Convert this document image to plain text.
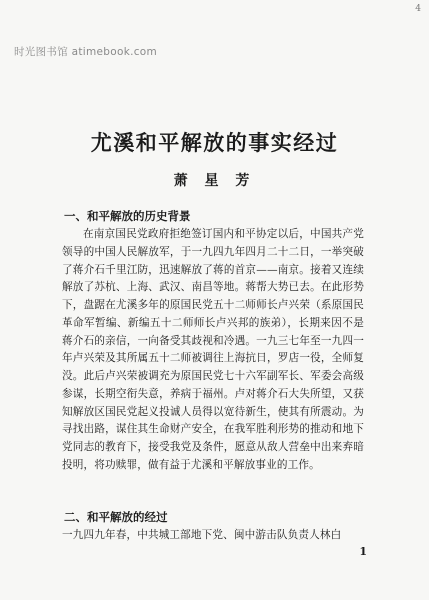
时光图书馆 atimebook.com
4
尤溪和平解放的事实经过
萧 星 芳
一、和平解放的历史背景
在南京国民党政府拒绝签订国内和平协定以后，中国共产党领导的中国人民解放军，于一九四九年四月二十二日，一举突破了蒋介石千里江防，迅速解放了蒋的首京——南京。接着又连续解放了苏杭、上海、武汉、南昌等地。蒋帮大势已去。在此形势下，盘踞在尤溪多年的原国民党五十二师师长卢兴荣（系原国民革命军暂编、新编五十二师师长卢兴邦的族弟），长期来因不是蒋介石的亲信，一向备受其歧视和冷遇。一九三七年至一九四一年卢兴荣及其所属五十二师被调往上海抗日，罗店一役，全师复没。此后卢兴荣被调充为原国民党七十六军副军长、军委会高级参谋，长期空衔失意，养病于福州。卢对蒋介石大失所望，又获知解放区国民党起义投诚人员得以宽待新生，使其有所震动。为寻找出路，谋住其生命财产安全，在我军胜利形势的推动和地下党同志的教育下，接受我党及条件，愿意从敌人营垒中出来弃暗投明，将功赎罪，做有益于尤溪和平解放事业的工作。
二、和平解放的经过
一九四九年春，中共城工部地下党、闽中游击队负责人林白
1
